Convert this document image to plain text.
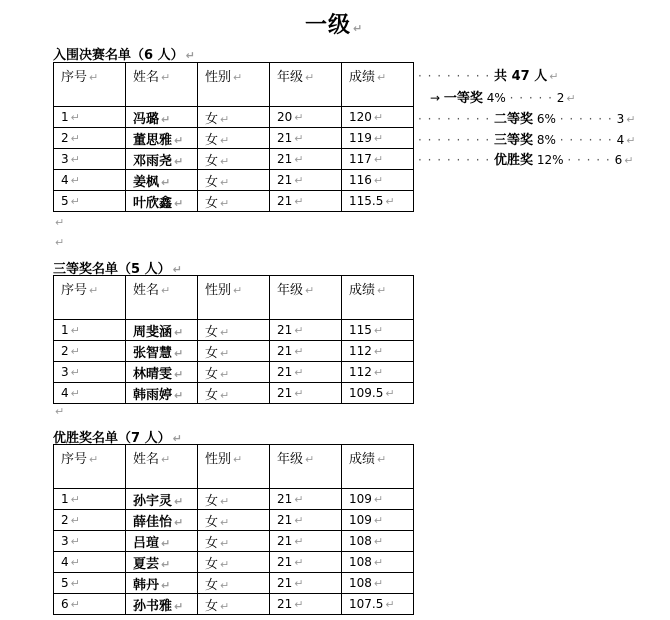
一级 ↵
入围决赛名单（6 人） ↵
序号 ↵	姓名 ↵	性别 ↵	年级 ↵	成绩 ↵
1 ↵	冯璐 ↵	女 ↵	20 ↵	120 ↵
2 ↵	董思雅 ↵	女 ↵	21 ↵	119 ↵
3 ↵	邓雨尧 ↵	女 ↵	21 ↵	117 ↵
4 ↵	姜枫 ↵	女 ↵	21 ↵	116 ↵
5 ↵	叶欣鑫 ↵	女 ↵	21 ↵	115.5 ↵
· · · · · · · · 共 47 人 ↵
→ 一等奖 4% · · · · · 2 ↵
· · · · · · · · 二等奖 6% · · · · · · 3 ↵
· · · · · · · · 三等奖 8% · · · · · · 4 ↵
· · · · · · · · 优胜奖 12% · · · · · 6 ↵
↵
↵
三等奖名单（5 人） ↵
序号 ↵	姓名 ↵	性别 ↵	年级 ↵	成绩 ↵
1 ↵	周斐涵 ↵	女 ↵	21 ↵	115 ↵
2 ↵	张智慧 ↵	女 ↵	21 ↵	112 ↵
3 ↵	林晴雯 ↵	女 ↵	21 ↵	112 ↵
4 ↵	韩雨婷 ↵	女 ↵	21 ↵	109.5 ↵
↵
优胜奖名单（7 人） ↵
序号 ↵	姓名 ↵	性别 ↵	年级 ↵	成绩 ↵
1 ↵	孙宇灵 ↵	女 ↵	21 ↵	109 ↵
2 ↵	薛佳怡 ↵	女 ↵	21 ↵	109 ↵
3 ↵	吕瑄 ↵	女 ↵	21 ↵	108 ↵
4 ↵	夏芸 ↵	女 ↵	21 ↵	108 ↵
5 ↵	韩丹 ↵	女 ↵	21 ↵	108 ↵
6 ↵	孙书雅 ↵	女 ↵	21 ↵	107.5 ↵
